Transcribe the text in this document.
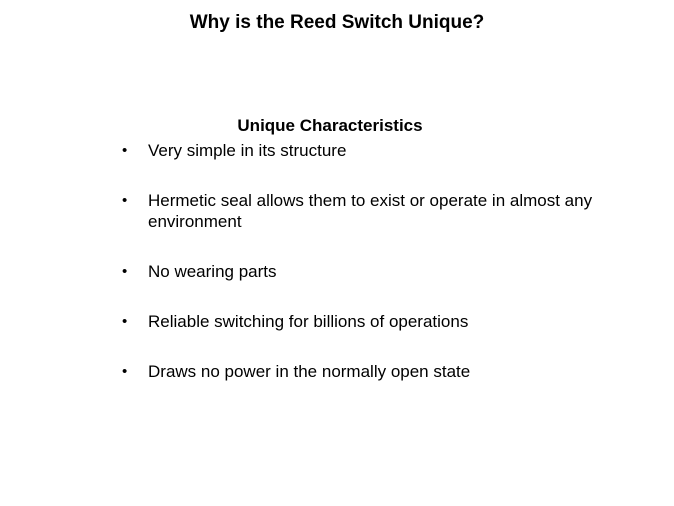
Why is the Reed Switch Unique?
Unique Characteristics
• Very simple in its structure
• Hermetic seal allows them to exist or operate in almost any environment
• No wearing parts
• Reliable switching for billions of operations
• Draws no power in the normally open state
